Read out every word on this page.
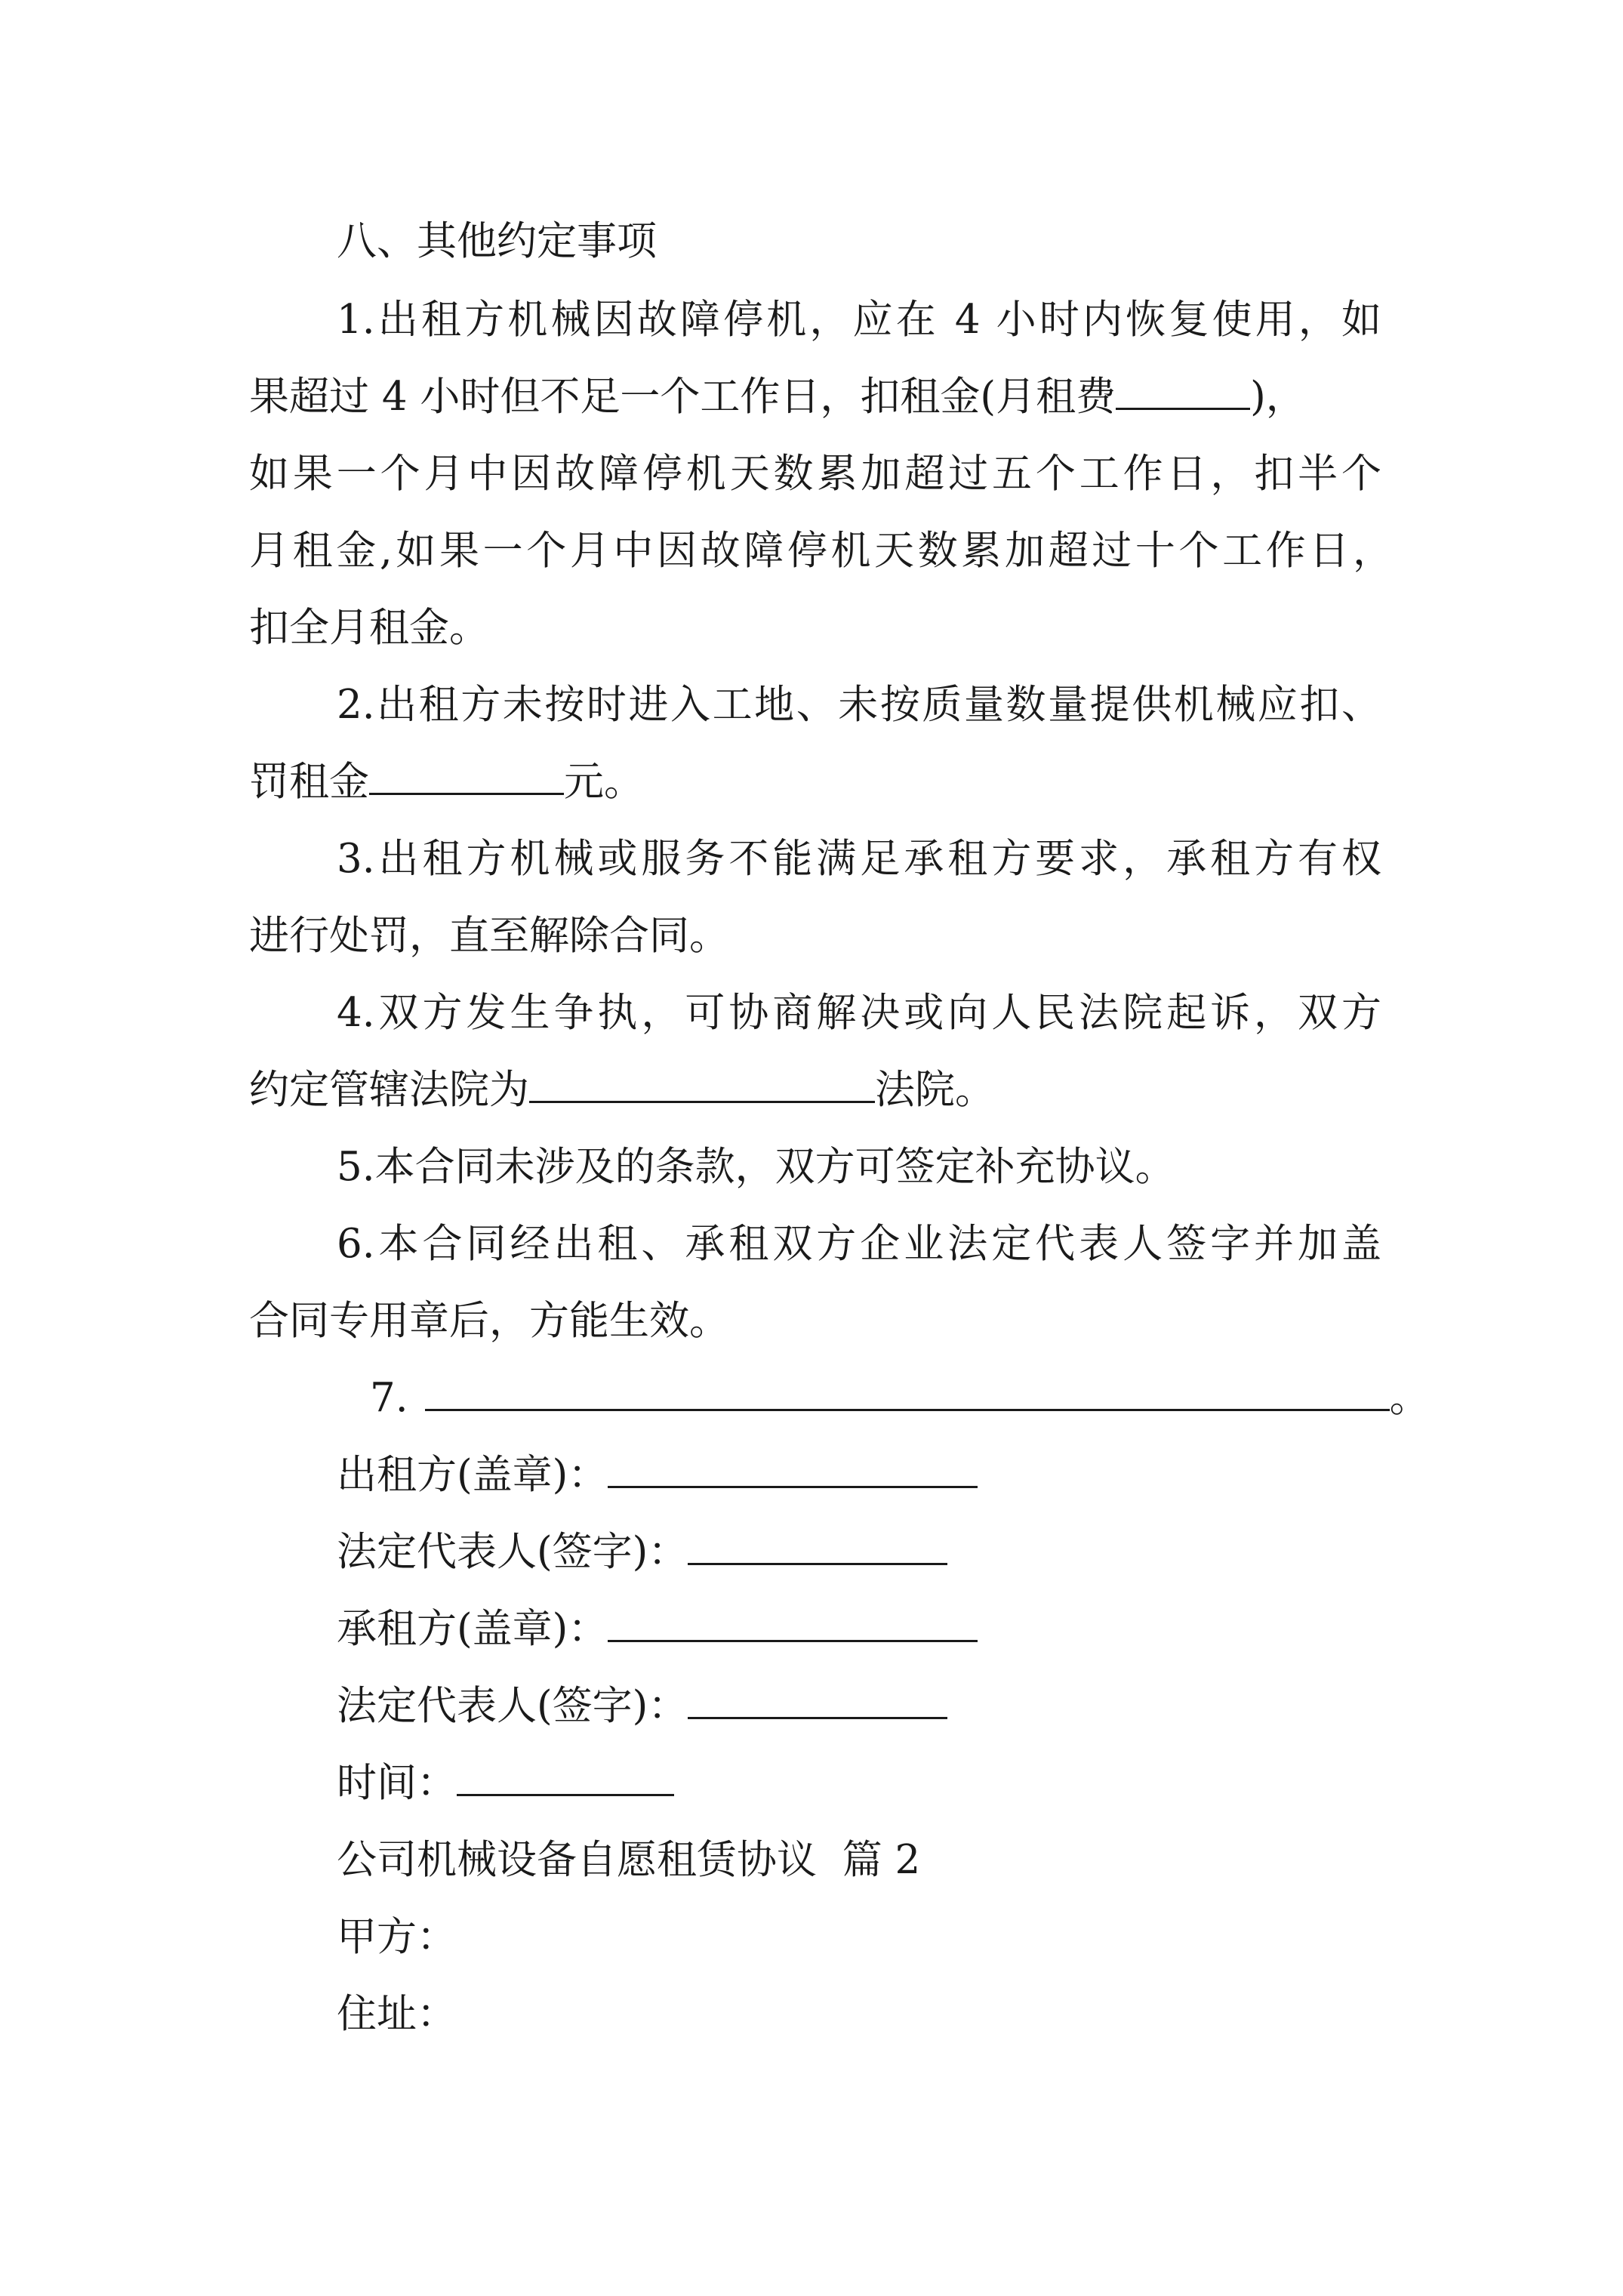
八、其他约定事项
1.出租方机械因故障停机，应在 4 小时内恢复使用，如
果超过 4 小时但不足一个工作日，扣租金(月租费	)，
如果一个月中因故障停机天数累加超过五个工作日，扣半个
月租金,如果一个月中因故障停机天数累加超过十个工作日，
扣全月租金。
2.出租方未按时进入工地、未按质量数量提供机械应扣、
罚租金	元。
3.出租方机械或服务不能满足承租方要求，承租方有权
进行处罚，直至解除合同。
4.双方发生争执，可协商解决或向人民法院起诉，双方
约定管辖法院为	法院。
5.本合同未涉及的条款，双方可签定补充协议。
6.本合同经出租、承租双方企业法定代表人签字并加盖
合同专用章后，方能生效。
7.	。
出租方(盖章)：
法定代表人(签字)：
承租方(盖章)：
法定代表人(签字)：
时间：
公司机械设备自愿租赁协议  篇 2
甲方：
住址：
